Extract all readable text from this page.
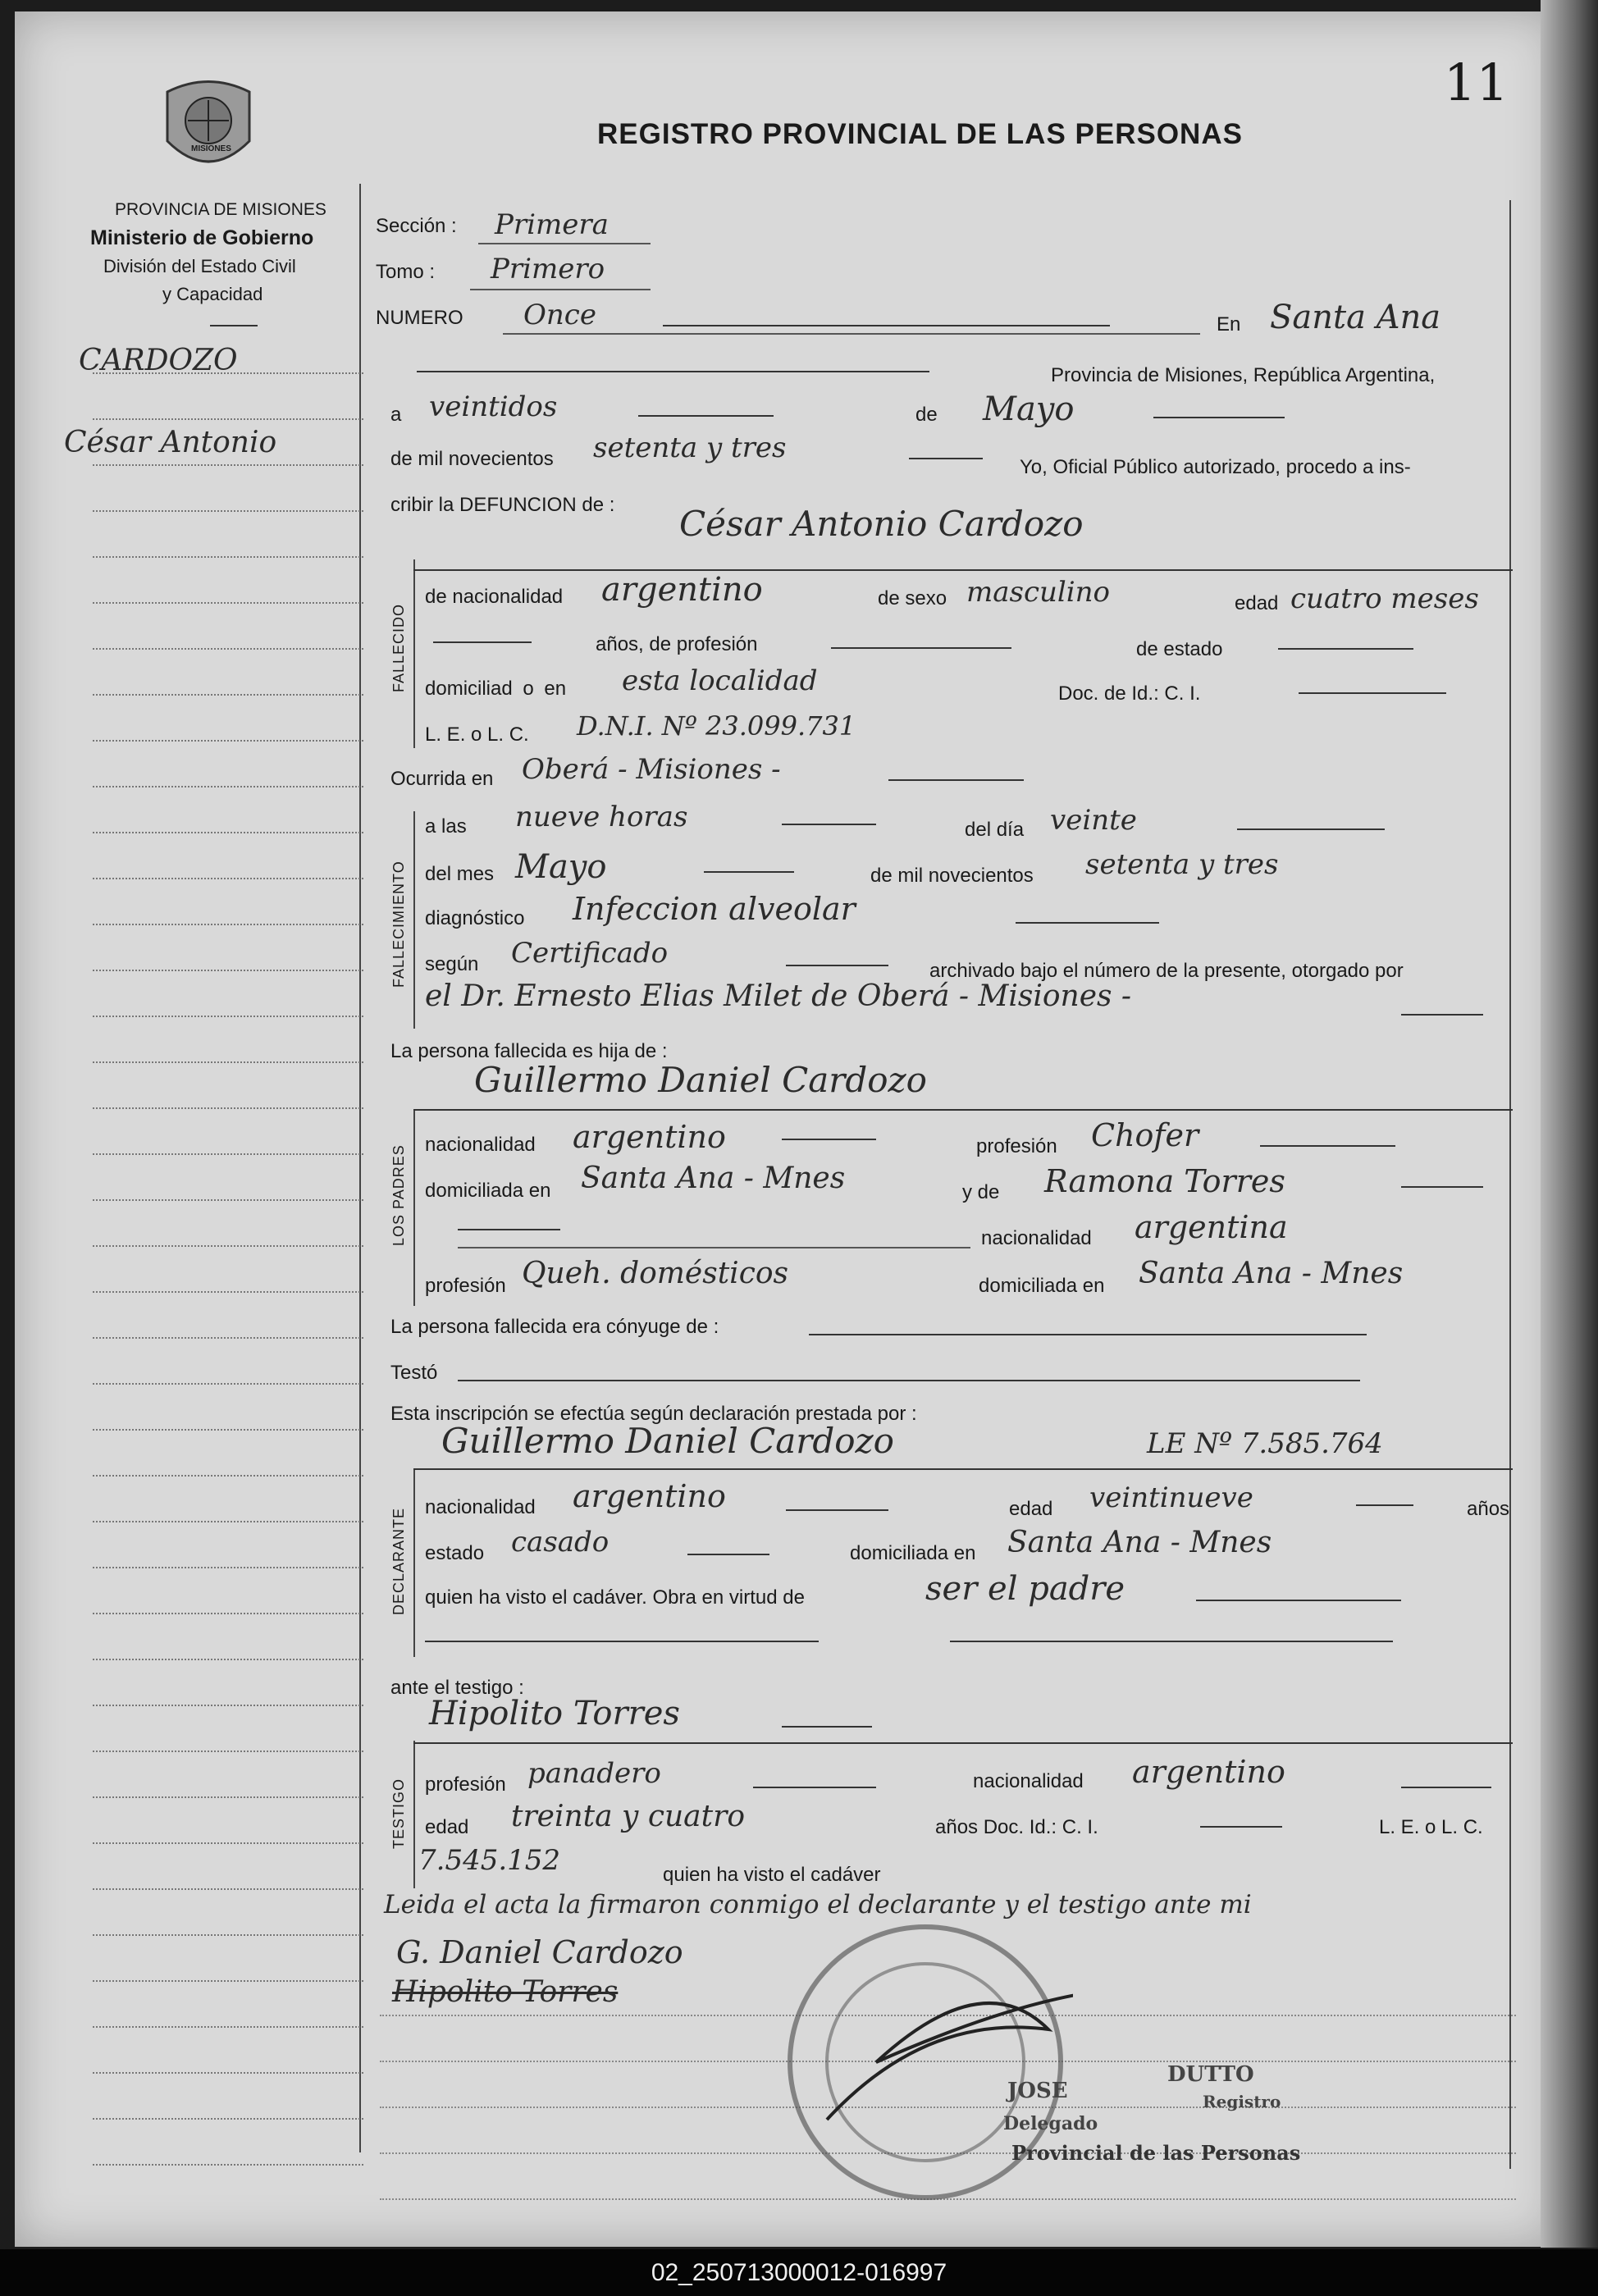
11
MISIONES	REGISTRO PROVINCIAL DE LAS PERSONAS
PROVINCIA DE MISIONES
Ministerio de Gobierno
División del Estado Civil
y Capacidad
CARDOZO
César Antonio
Sección : Primera
Tomo : Primero
NUMERO Once	En Santa Ana
Provincia de Misiones, República Argentina,
a veintidos	de Mayo
de mil novecientos setenta y tres
Yo, Oficial Público autorizado, procedo a ins-
cribir la DEFUNCION de :
FALLECIDO
César Antonio Cardozo
de nacionalidad argentino	de sexo masculino	edad cuatro meses
años, de profesión	de estado
domiciliad o en esta localidad	Doc. de Id.: C. I.
L. E. o L. C. D.N.I. Nº 23.099.731
Ocurrida en Oberá - Misiones -
FALLECIMIENTO
a las nueve horas	del día veinte
del mes Mayo	de mil novecientos setenta y tres
diagnóstico Infeccion alveolar
según Certificado
archivado bajo el número de la presente, otorgado por
el Dr. Ernesto Elias Milet de Oberá - Misiones -
La persona fallecida es hija de :
LOS PADRES
Guillermo Daniel Cardozo
nacionalidad argentino	profesión Chofer
domiciliada en Santa Ana - Mnes	y de Ramona Torres
nacionalidad argentina
profesión Queh. domésticos	domiciliada en Santa Ana - Mnes
La persona fallecida era cónyuge de :
Testó
Esta inscripción se efectúa según declaración prestada por :
DECLARANTE
Guillermo Daniel Cardozo	LE Nº 7.585.764
nacionalidad argentino	edad veintinueve	años
estado casado	domiciliada en Santa Ana - Mnes
quien ha visto el cadáver. Obra en virtud de	ser el padre
ante el testigo :
TESTIGO
Hipolito Torres
profesión panadero	nacionalidad argentino
edad treinta y cuatro	años Doc. Id.: C. I.	L. E. o L. C.
7.545.152	quien ha visto el cadáver
Leida el acta la firmaron conmigo el declarante y el testigo ante mi
G. Daniel Cardozo
Hipolito Torres
JOSE
DUTTO
Delegado
Registro
Provincial de las Personas
02_250713000012-016997
